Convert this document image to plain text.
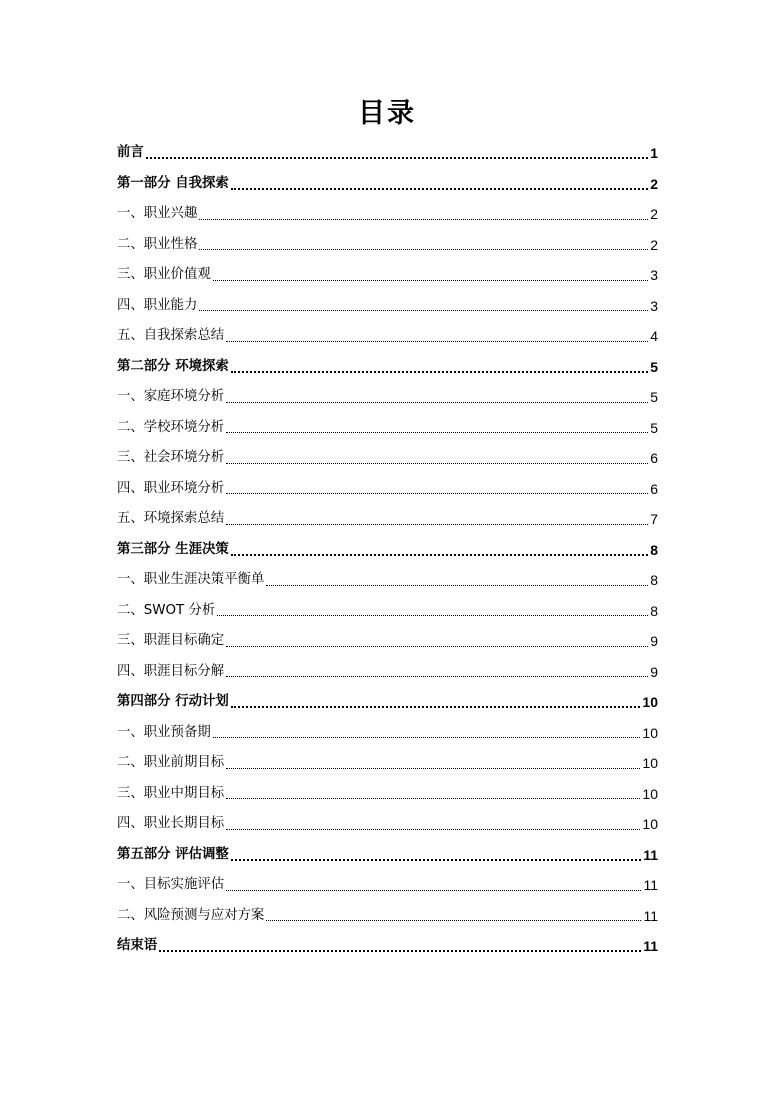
目录
前言	1
第一部分 自我探索	2
一、职业兴趣	2
二、职业性格	2
三、职业价值观	3
四、职业能力	3
五、自我探索总结	4
第二部分 环境探索	5
一、家庭环境分析	5
二、学校环境分析	5
三、社会环境分析	6
四、职业环境分析	6
五、环境探索总结	7
第三部分 生涯决策	8
一、职业生涯决策平衡单	8
二、SWOT 分析	8
三、职涯目标确定	9
四、职涯目标分解	9
第四部分 行动计划	10
一、职业预备期	10
二、职业前期目标	10
三、职业中期目标	10
四、职业长期目标	10
第五部分 评估调整	11
一、目标实施评估	11
二、风险预测与应对方案	11
结束语	11
